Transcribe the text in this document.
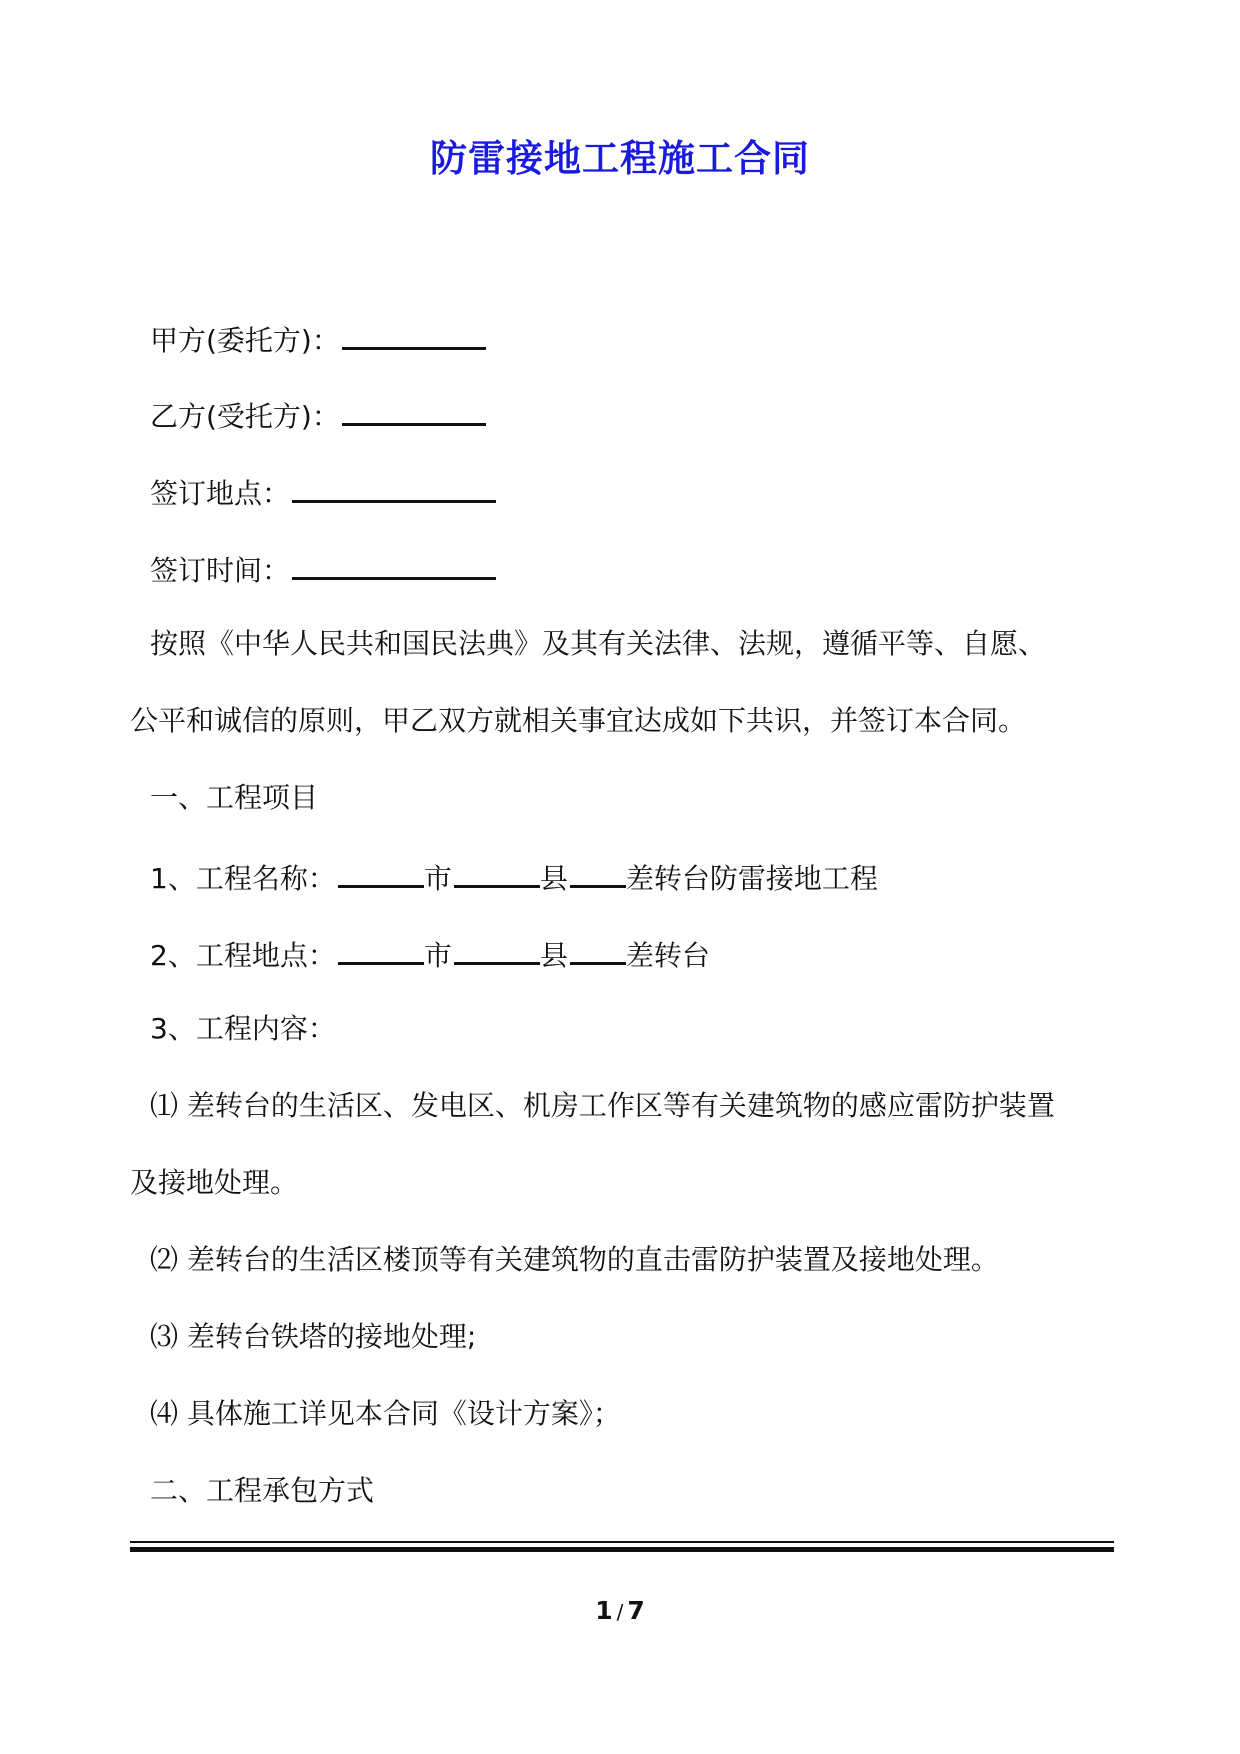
防雷接地工程施工合同
甲方(委托方)：
乙方(受托方)：
签订地点：
签订时间：
按照《中华人民共和国民法典》及其有关法律、法规，遵循平等、自愿、
公平和诚信的原则，甲乙双方就相关事宜达成如下共识，并签订本合同。
一、工程项目
1、工程名称：	市	县 差转台防雷接地工程
2、工程地点：	市	县 差转台
3、工程内容：
⑴ 差转台的生活区、发电区、机房工作区等有关建筑物的感应雷防护装置
及接地处理。
⑵ 差转台的生活区楼顶等有关建筑物的直击雷防护装置及接地处理。
⑶ 差转台铁塔的接地处理;
⑷ 具体施工详见本合同《设计方案》；
二、工程承包方式
1 / 7
